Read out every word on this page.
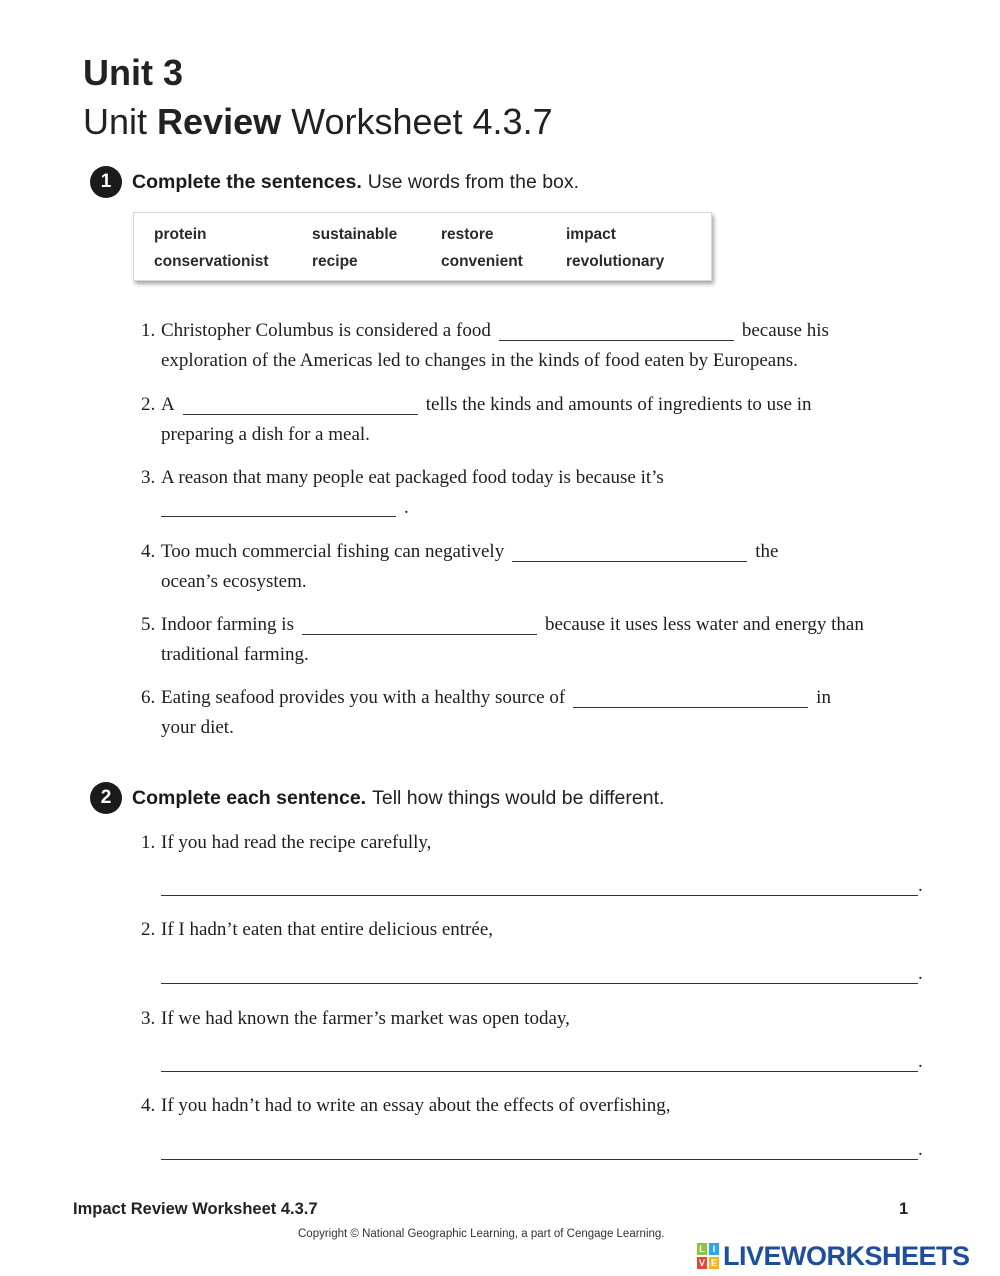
Unit 3
Unit Review Worksheet 4.3.7
1	Complete the sentences. Use words from the box.
protein	sustainable	restore	impact
conservationist	recipe	convenient	revolutionary
1. Christopher Columbus is considered a food	because his
exploration of the Americas led to changes in the kinds of food eaten by Europeans.
2. A	tells the kinds and amounts of ingredients to use in
preparing a dish for a meal.
3. A reason that many people eat packaged food today is because it’s
.
4. Too much commercial fishing can negatively	the
ocean’s ecosystem.
5. Indoor farming is	because it uses less water and energy than
traditional farming.
6. Eating seafood provides you with a healthy source of	in
your diet.
2	Complete each sentence. Tell how things would be different.
1. If you had read the recipe carefully,
.
2. If I hadn’t eaten that entire delicious entrée,
.
3. If we had known the farmer’s market was open today,
.
4. If you hadn’t had to write an essay about the effects of overfishing,
.
Impact Review Worksheet 4.3.7	1
Copyright © National Geographic Learning, a part of Cengage Learning.
L I
V E LIVEWORKSHEETS
